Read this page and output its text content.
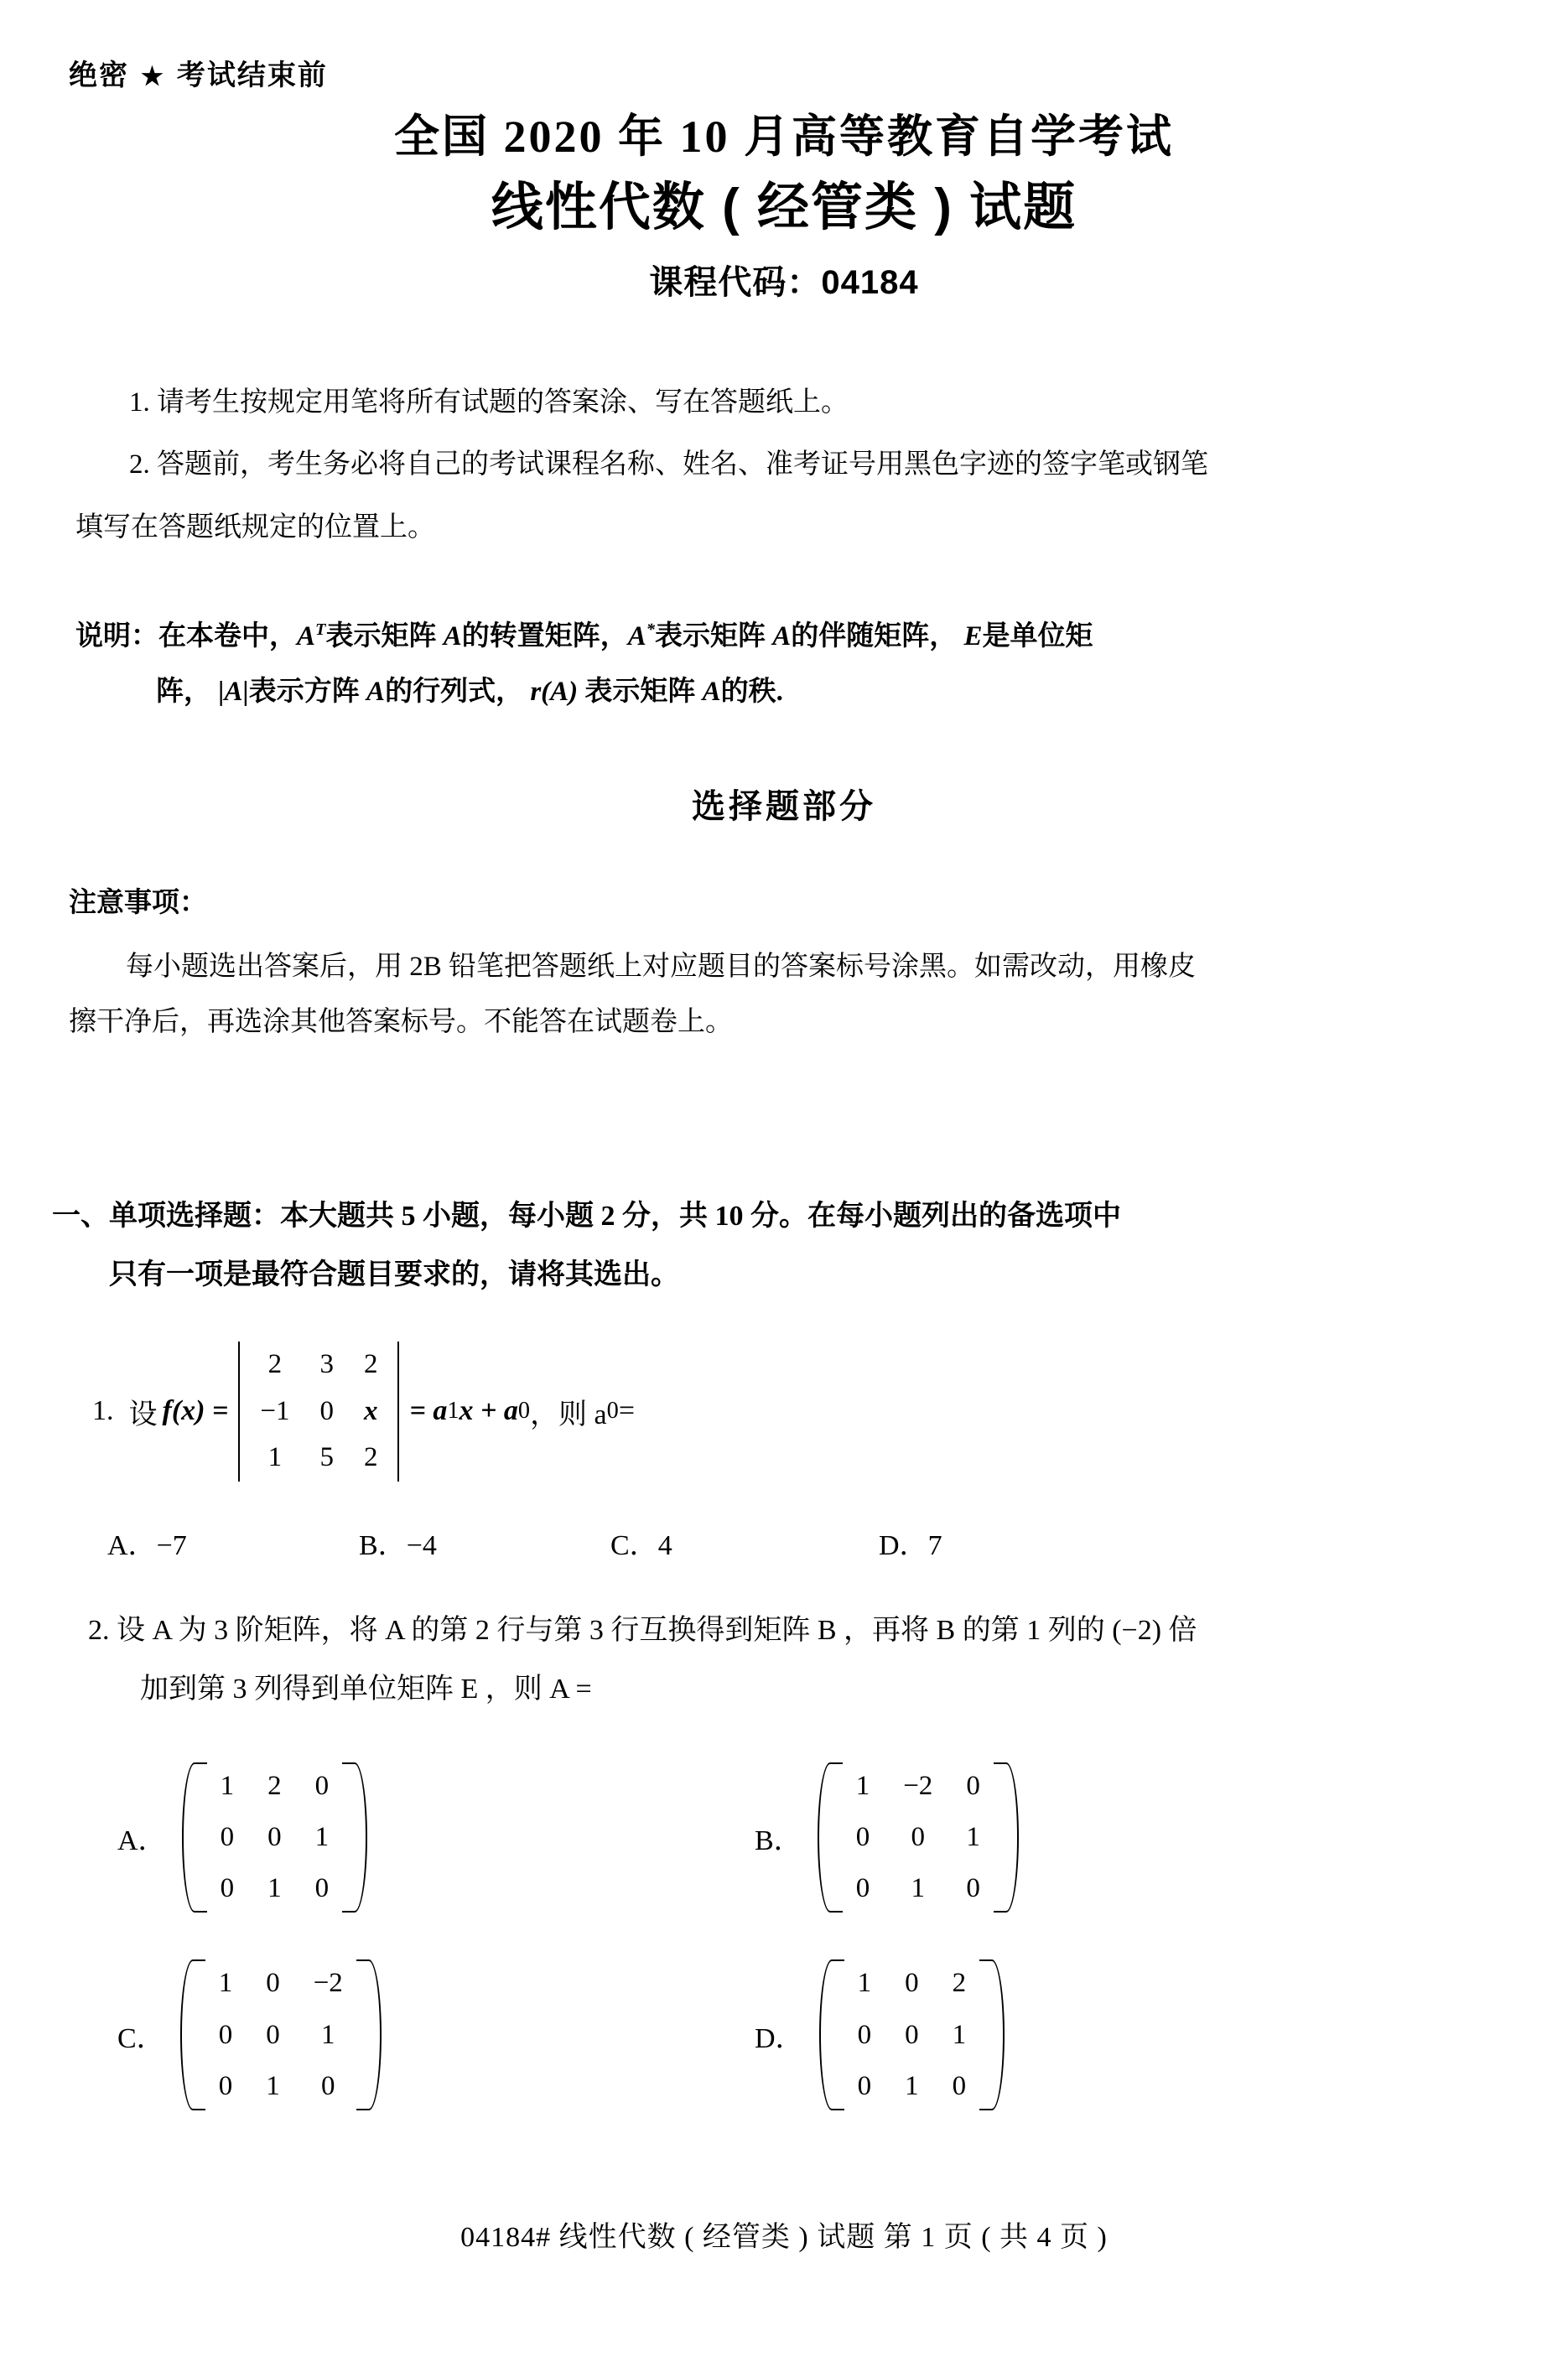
绝密 ★ 考试结束前
全国 2020 年 10 月高等教育自学考试
线性代数 ( 经管类 ) 试题
课程代码：04184

1. 请考生按规定用笔将所有试题的答案涂、写在答题纸上。

2. 答题前，考生务必将自己的考试课程名称、姓名、准考证号用黑色字迹的签字笔或钢笔

填写在答题纸规定的位置上。

说明：在本卷中，$A^T$表示矩阵 A的转置矩阵，A*表示矩阵 A的伴随矩阵， E是单位矩
阵， |A|表示方阵 A的行列式， r(A) 表示矩阵 A的秩.
选择题部分
注意事项：

每小题选出答案后，用 2B 铅笔把答题纸上对应题目的答案标号涂黑。如需改动，用橡皮

擦干净后，再选涂其他答案标号。不能答在试题卷上。

一、单项选择题：本大题共 5 小题，每小题 2 分，共 10 分。在每小题列出的备选项中
只有一项是最符合题目要求的，请将其选出。
1. 设 f(x) =
2	3	2
−1	0	x
1	5	2
= a 1 x + a 0 ，则 a 0 =
A．−7	B．−4	C．4	D．7
2. 设 A 为 3 阶矩阵，将 A 的第 2 行与第 3 行互换得到矩阵 B ，再将 B 的第 1 列的 (−2) 倍
加到第 3 列得到单位矩阵 E ，则 A =
A．
1	2	0
0	0	1
0	1	0
B．
1	−2	0
0	0	1
0	1	0
C．
1	0	−2
0	0	1
0	1	0
D．
1	0	2
0	0	1
0	1	0
04184# 线性代数 ( 经管类 ) 试题 第 1 页 ( 共 4 页 )
